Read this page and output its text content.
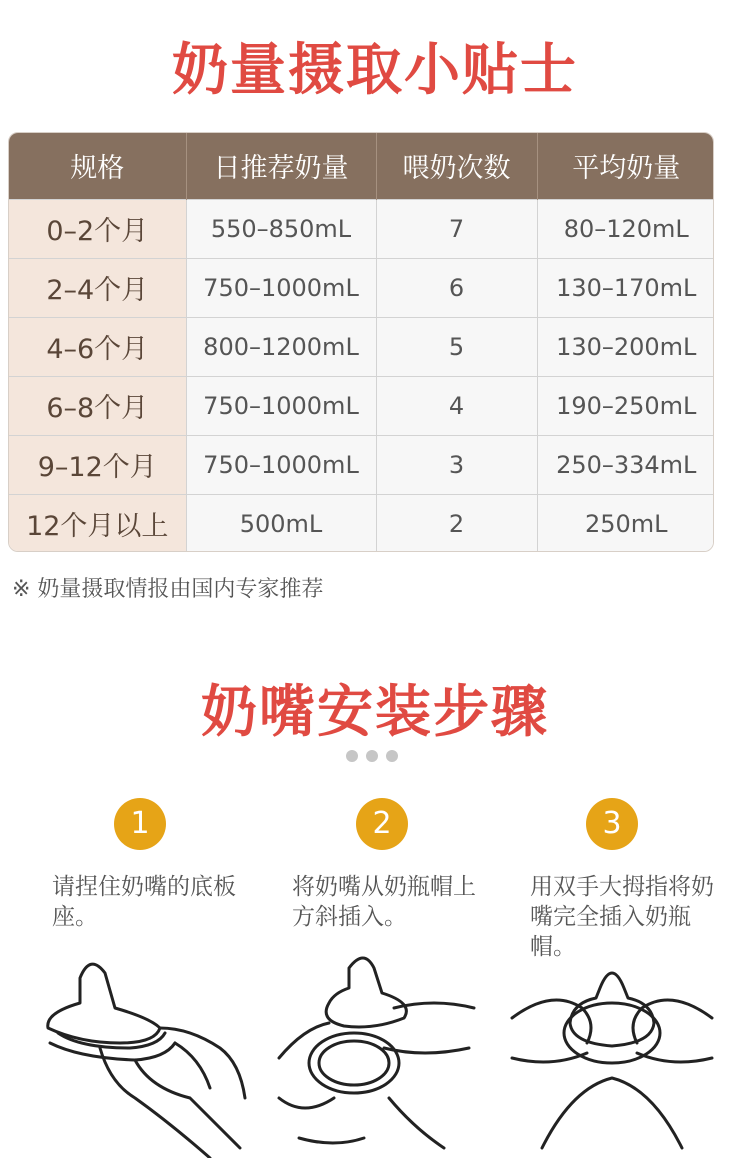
奶量摄取小贴士
规格	日推荐奶量	喂奶次数	平均奶量
0–2个月	550–850mL	7	80–120mL
2–4个月	750–1000mL	6	130–170mL
4–6个月	800–1200mL	5	130–200mL
6–8个月	750–1000mL	4	190–250mL
9–12个月	750–1000mL	3	250–334mL
12个月以上	500mL	2	250mL
※ 奶量摄取情报由国内专家推荐
奶嘴安装步骤
1
请捏住奶嘴的底板座。
2
将奶嘴从奶瓶帽上方斜插入。
3
用双手大拇指将奶嘴完全插入奶瓶帽。
